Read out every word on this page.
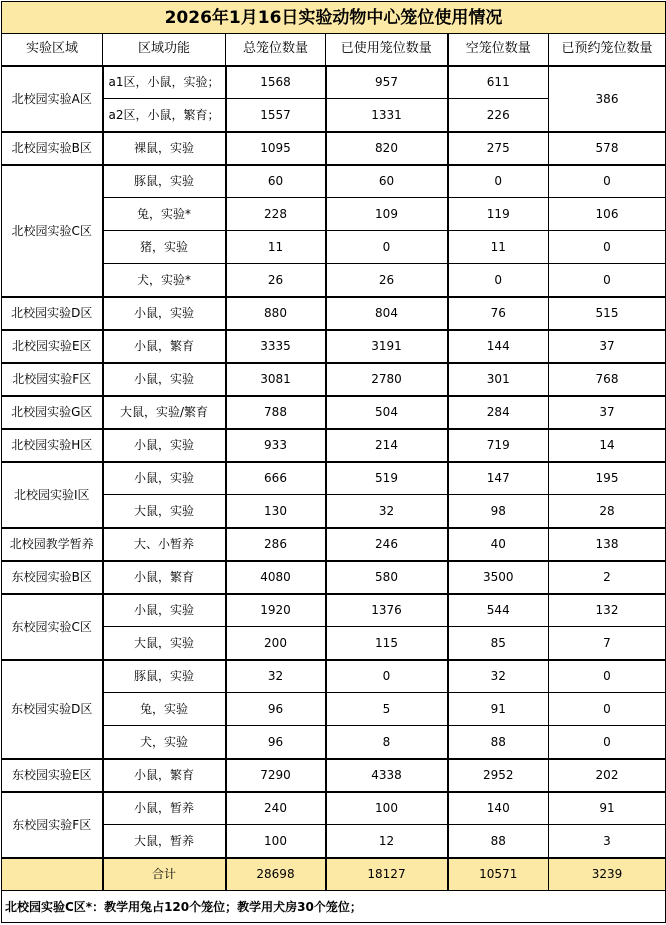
2026年1月16日实验动物中心笼位使用情况					
实验区域	区域功能	总笼位数量	已使用笼位数量	空笼位数量	已预约笼位数量
北校园实验A区	a1区，小鼠，实验；	1568	957	611	386
	a2区，小鼠，繁育；	1557	1331	226	
北校园实验B区	裸鼠，实验	1095	820	275	578
北校园实验C区	豚鼠，实验	60	60	0	0
	兔，实验*	228	109	119	106
	猪，实验	11	0	11	0
	犬，实验*	26	26	0	0
北校园实验D区	小鼠，实验	880	804	76	515
北校园实验E区	小鼠，繁育	3335	3191	144	37
北校园实验F区	小鼠，实验	3081	2780	301	768
北校园实验G区	大鼠，实验/繁育	788	504	284	37
北校园实验H区	小鼠，实验	933	214	719	14
北校园实验I区	小鼠，实验	666	519	147	195
	大鼠，实验	130	32	98	28
北校园教学暂养	大、小暂养	286	246	40	138
东校园实验B区	小鼠，繁育	4080	580	3500	2
东校园实验C区	小鼠，实验	1920	1376	544	132
	大鼠，实验	200	115	85	7
东校园实验D区	豚鼠，实验	32	0	32	0
	兔，实验	96	5	91	0
	犬，实验	96	8	88	0
东校园实验E区	小鼠，繁育	7290	4338	2952	202
东校园实验F区	小鼠，暂养	240	100	140	91
	大鼠，暂养	100	12	88	3
	合计	28698	18127	10571	3239
北校园实验C区*：教学用兔占120个笼位；教学用犬房30个笼位；					
